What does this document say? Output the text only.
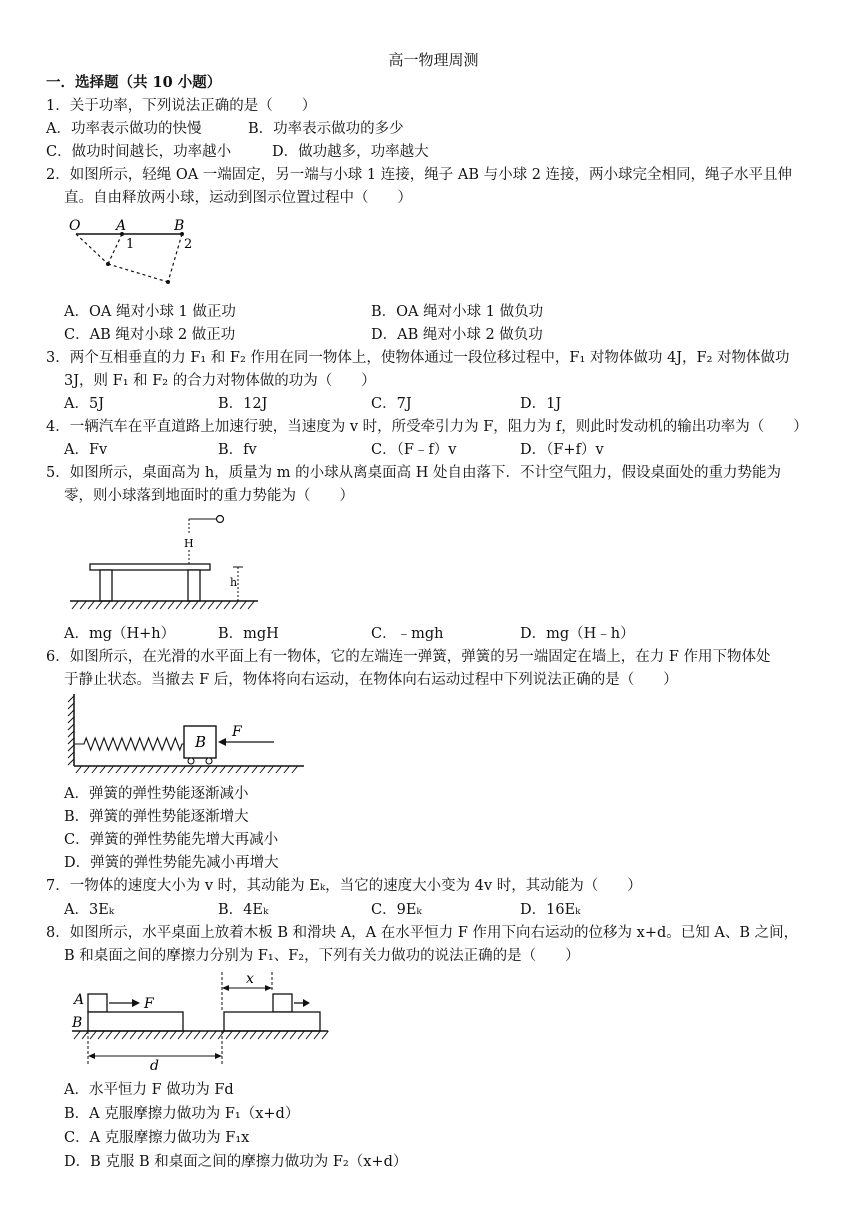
高一物理周测
一．选择题（共 10 小题）
1．关于功率，下列说法正确的是（　　）
A．功率表示做功的快慢	B．功率表示做功的多少
C．做功时间越长，功率越小	D．做功越多，功率越大
2．如图所示，轻绳 OA 一端固定，另一端与小球 1 连接，绳子 AB 与小球 2 连接，两小球完全相同，绳子水平且伸
直。自由释放两小球，运动到图示位置过程中（　　）
O	A	B
1	2
A．OA 绳对小球 1 做正功	B．OA 绳对小球 1 做负功
C．AB 绳对小球 2 做正功	D．AB 绳对小球 2 做负功
3．两个互相垂直的力 F₁ 和 F₂ 作用在同一物体上，使物体通过一段位移过程中，F₁ 对物体做功 4J，F₂ 对物体做功
3J，则 F₁ 和 F₂ 的合力对物体做的功为（　　）
A．5J	B．12J	C．7J	D．1J
4．一辆汽车在平直道路上加速行驶，当速度为 v 时，所受牵引力为 F，阻力为 f，则此时发动机的输出功率为（　　）
A．Fv	B．fv	C．（F﹣f）v	D．（F+f）v
5．如图所示，桌面高为 h，质量为 m 的小球从离桌面高 H 处自由落下．不计空气阻力，假设桌面处的重力势能为
零，则小球落到地面时的重力势能为（　　）
H
h
A．mg（H+h）	B．mgH	C．﹣mgh	D．mg（H﹣h）
6．如图所示，在光滑的水平面上有一物体，它的左端连一弹簧，弹簧的另一端固定在墙上，在力 F 作用下物体处
于静止状态。当撤去 F 后，物体将向右运动，在物体向右运动过程中下列说法正确的是（　　）
B
F
A．弹簧的弹性势能逐渐减小
B．弹簧的弹性势能逐渐增大
C．弹簧的弹性势能先增大再减小
D．弹簧的弹性势能先减小再增大
7．一物体的速度大小为 v 时，其动能为 Eₖ，当它的速度大小变为 4v 时，其动能为（　　）
A．3Eₖ	B．4Eₖ	C．9Eₖ	D．16Eₖ
8．如图所示，水平桌面上放着木板 B 和滑块 A，A 在水平恒力 F 作用下向右运动的位移为 x+d。已知 A、B 之间，
B 和桌面之间的摩擦力分别为 F₁、F₂，下列有关力做功的说法正确的是（　　）
x
A
B
F
d
A．水平恒力 F 做功为 Fd
B．A 克服摩擦力做功为 F₁（x+d）
C．A 克服摩擦力做功为 F₁x
D．B 克服 B 和桌面之间的摩擦力做功为 F₂（x+d）
